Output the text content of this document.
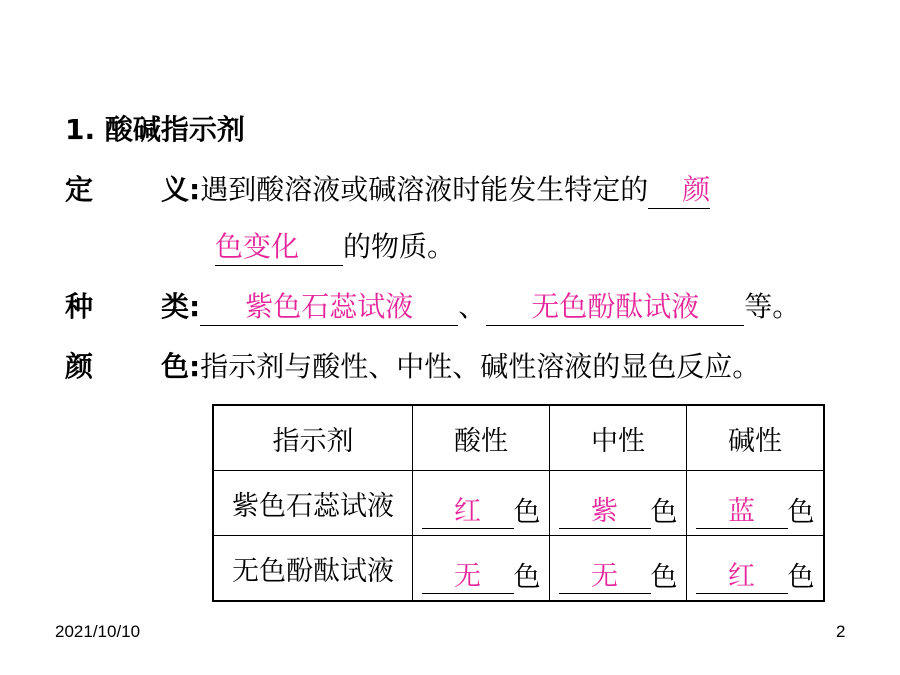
1. 酸碱指示剂
定 义:遇到酸溶液或碱溶液时能发生特定的 颜
色变化 的物质。
种 类: 紫色石蕊试液 、 无色酚酞试液 等。
颜 色:指示剂与酸性、中性、碱性溶液的显色反应。
指示剂	酸性	中性	碱性
紫色石蕊试液	红 色	紫 色	蓝 色

无色酚酞试液	无 色	无 色	红 色
2021/10/10	2
